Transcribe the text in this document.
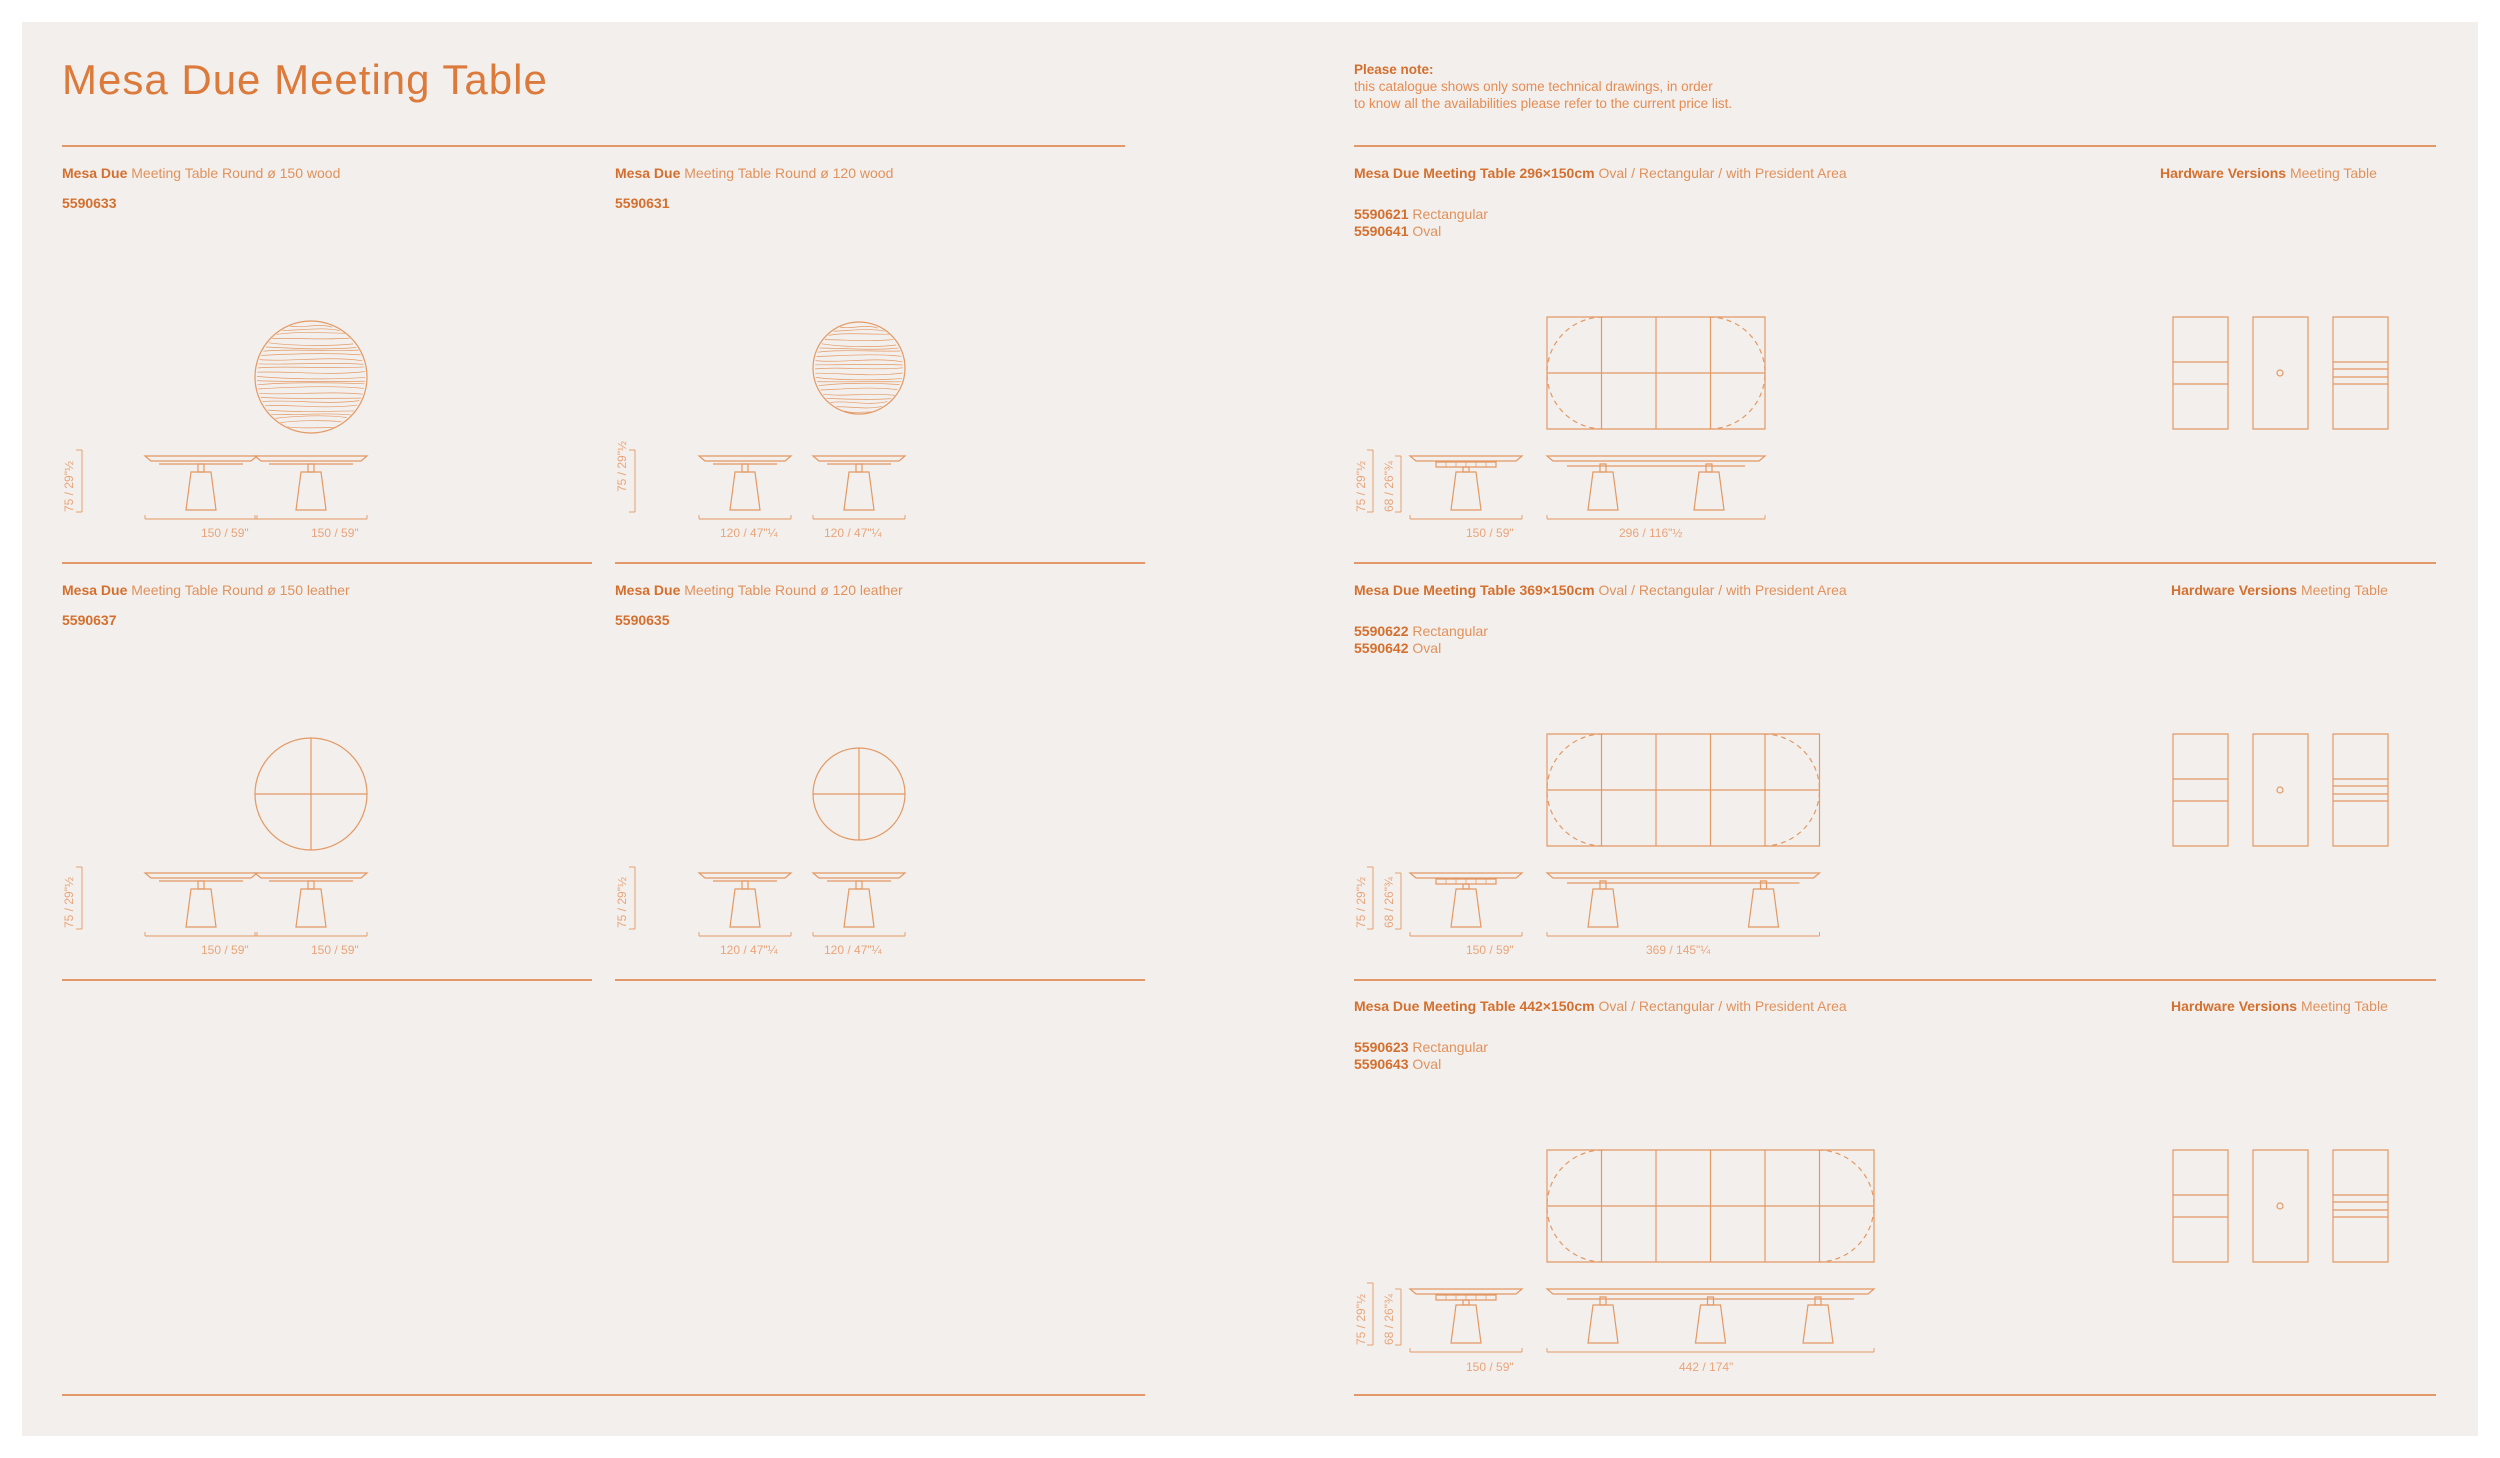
Mesa Due Meeting Table
Mesa Due Meeting Table Round ø 150 wood
5590633
75 / 29"½
150 / 59"	150 / 59"
Mesa Due Meeting Table Round ø 120 wood
5590631
75 / 29"½
120 / 47"¼	120 / 47"¼
Mesa Due Meeting Table Round ø 150 leather
5590637
75 / 29"½
150 / 59"	150 / 59"
Mesa Due Meeting Table Round ø 120 leather
5590635
75 / 29"½
120 / 47"¼	120 / 47"¼
Please note:
this catalogue shows only some technical drawings, in order
to know all the availabilities please refer to the current price list.
Mesa Due Meeting Table 296×150cm Oval / Rectangular / with President Area	Hardware Versions Meeting Table
5590621 Rectangular
5590641 Oval
75 / 29"½ 68 / 26"¾
150 / 59"	296 / 116"½
Mesa Due Meeting Table 369×150cm Oval / Rectangular / with President Area	Hardware Versions Meeting Table
5590622 Rectangular
5590642 Oval
75 / 29"½ 68 / 26"¾
150 / 59"	369 / 145"¼
Mesa Due Meeting Table 442×150cm Oval / Rectangular / with President Area	Hardware Versions Meeting Table
5590623 Rectangular
5590643 Oval
75 / 29"½ 68 / 26"¾
150 / 59"	442 / 174"
